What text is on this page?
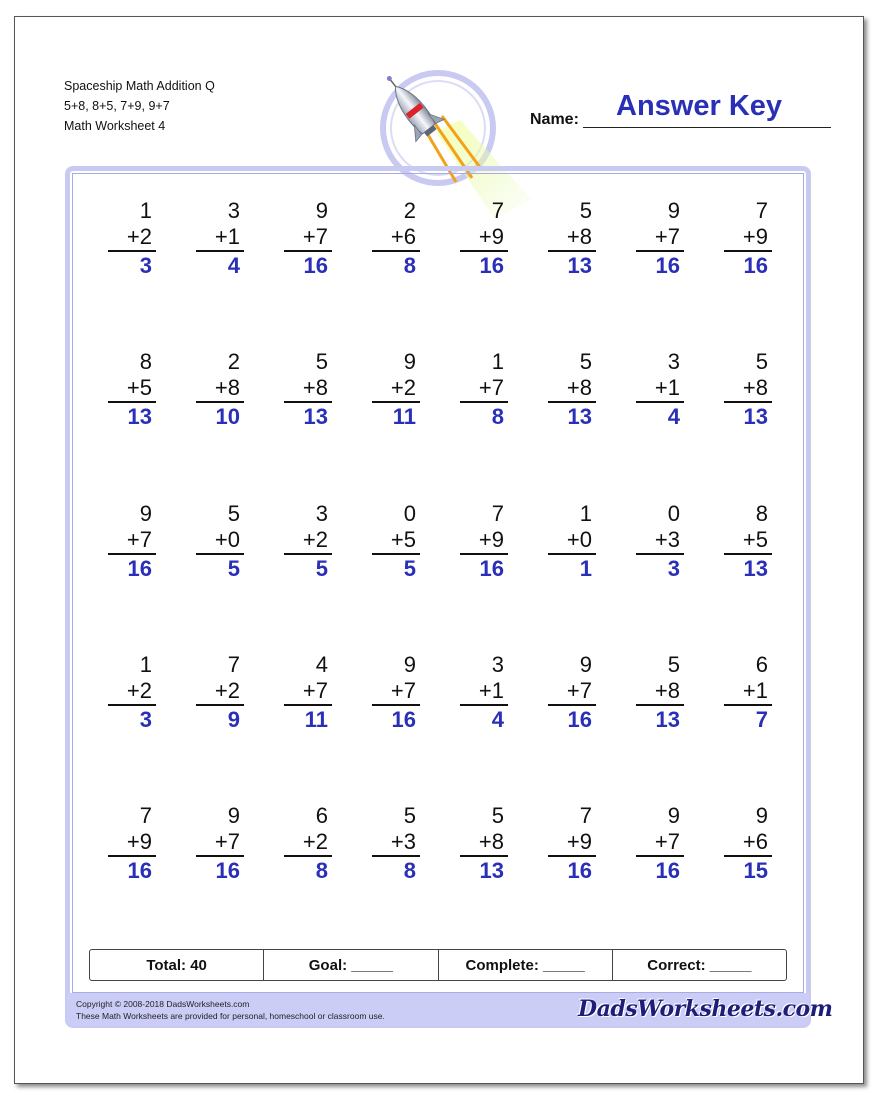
Spaceship Math Addition Q
5+8, 8+5, 7+9, 9+7
Math Worksheet 4
Answer Key
Name:
1
+2
3
3
+1
4
9
+7
16
2
+6
8
7
+9
16
5
+8
13
9
+7
16
7
+9
16
8
+5
13
2
+8
10
5
+8
13
9
+2
11
1
+7
8
5
+8
13
3
+1
4
5
+8
13
9
+7
16
5
+0
5
3
+2
5
0
+5
5
7
+9
16
1
+0
1
0
+3
3
8
+5
13
1
+2
3
7
+2
9
4
+7
11
9
+7
16
3
+1
4
9
+7
16
5
+8
13
6
+1
7
7
+9
16
9
+7
16
6
+2
8
5
+3
8
5
+8
13
7
+9
16
9
+7
16
9
+6
15
Total: 40	Goal: _____	Complete: _____	Correct: _____
Copyright © 2008-2018 DadsWorksheets.com
These Math Worksheets are provided for personal, homeschool or classroom use.	DadsWorksheets.com
